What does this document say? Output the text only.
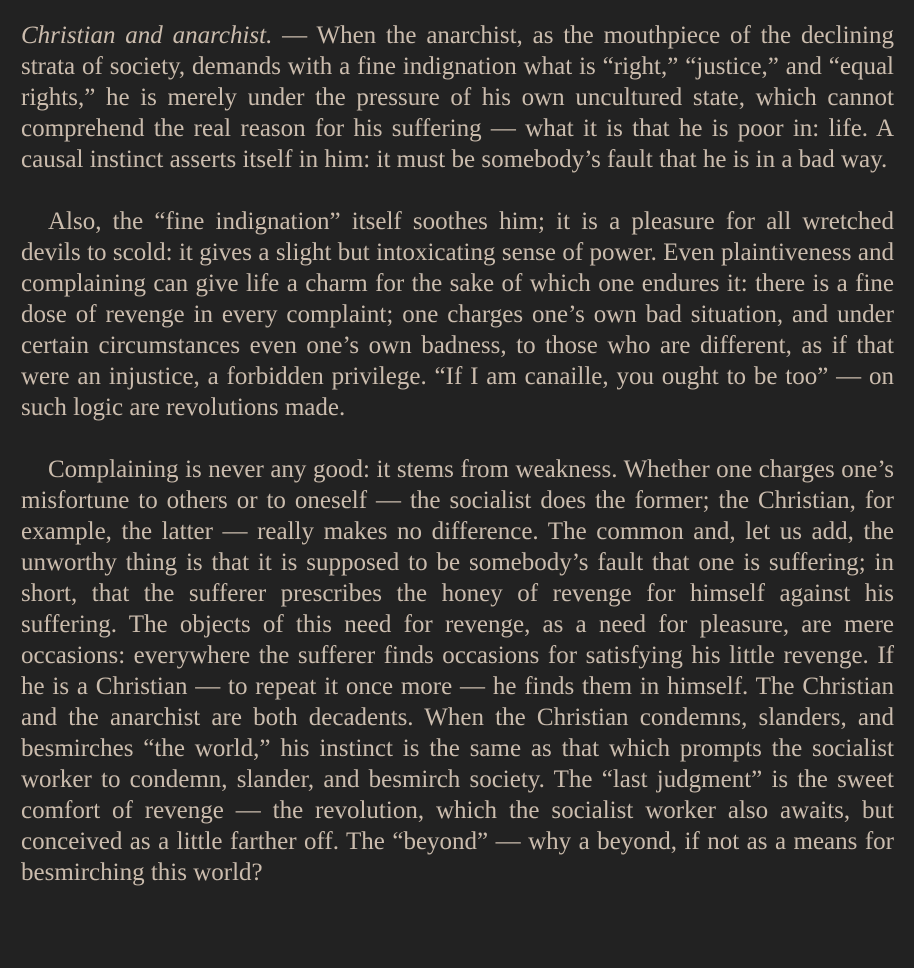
Christian and anarchist. — When the anarchist, as the mouthpiece of the declining strata of society, demands with a fine indignation what is “right,” “justice,” and “equal rights,” he is merely under the pressure of his own uncultured state, which cannot comprehend the real reason for his suffering — what it is that he is poor in: life. A causal instinct asserts itself in him: it must be somebody’s fault that he is in a bad way.

Also, the “fine indignation” itself soothes him; it is a pleasure for all wretched devils to scold: it gives a slight but intoxicating sense of power. Even plaintiveness and complaining can give life a charm for the sake of which one endures it: there is a fine dose of revenge in every complaint; one charges one’s own bad situation, and under certain circumstances even one’s own badness, to those who are different, as if that were an injustice, a forbidden privilege. “If I am canaille, you ought to be too” — on such logic are revolutions made.

Complaining is never any good: it stems from weakness. Whether one charges one’s misfortune to others or to oneself — the socialist does the former; the Christian, for example, the latter — really makes no difference. The common and, let us add, the unworthy thing is that it is supposed to be somebody’s fault that one is suffering; in short, that the sufferer prescribes the honey of revenge for himself against his suffering. The objects of this need for revenge, as a need for pleasure, are mere occasions: everywhere the sufferer finds occasions for satisfying his little revenge. If he is a Christian — to repeat it once more — he finds them in himself. The Christian and the anarchist are both decadents. When the Christian condemns, slanders, and besmirches “the world,” his instinct is the same as that which prompts the socialist worker to condemn, slander, and besmirch society. The “last judgment” is the sweet comfort of revenge — the revolution, which the socialist worker also awaits, but conceived as a little farther off. The “beyond” — why a beyond, if not as a means for besmirching this world?
